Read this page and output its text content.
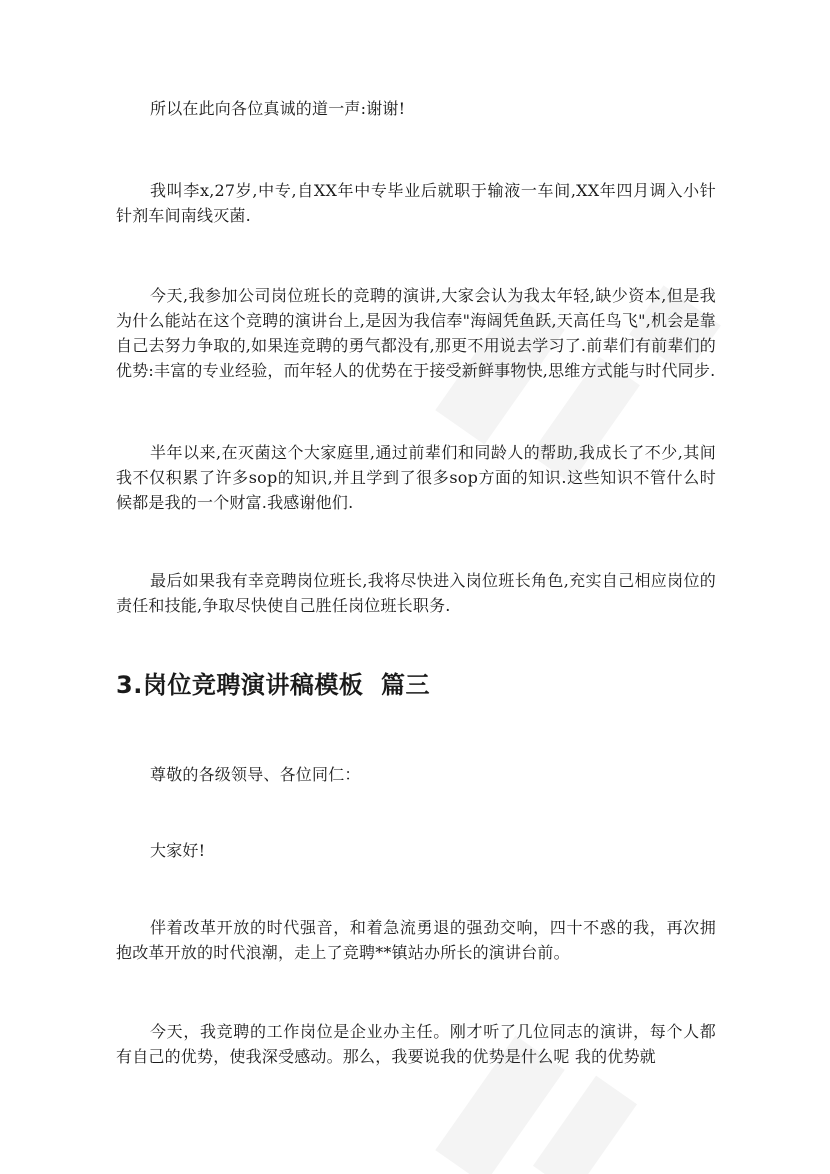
所以在此向各位真诚的道一声:谢谢!

我叫李x,27岁,中专,自XX年中专毕业后就职于输液一车间,XX年四月调入小针针剂车间南线灭菌.

今天,我参加公司岗位班长的竞聘的演讲,大家会认为我太年轻,缺少资本,但是我为什么能站在这个竞聘的演讲台上,是因为我信奉"海阔凭鱼跃,天高任鸟飞",机会是靠自己去努力争取的,如果连竞聘的勇气都没有,那更不用说去学习了.前辈们有前辈们的优势:丰富的专业经验，而年轻人的优势在于接受新鲜事物快,思维方式能与时代同步.

半年以来,在灭菌这个大家庭里,通过前辈们和同龄人的帮助,我成长了不少,其间我不仅积累了许多sop的知识,并且学到了很多sop方面的知识.这些知识不管什么时候都是我的一个财富.我感谢他们.

最后如果我有幸竞聘岗位班长,我将尽快进入岗位班长角色,充实自己相应岗位的责任和技能,争取尽快使自己胜任岗位班长职务.

3.岗位竞聘演讲稿模板  篇三

尊敬的各级领导、各位同仁：

大家好!

伴着改革开放的时代强音，和着急流勇退的强劲交响，四十不惑的我，再次拥抱改革开放的时代浪潮，走上了竞聘**镇站办所长的演讲台前。

今天，我竞聘的工作岗位是企业办主任。刚才听了几位同志的演讲，每个人都有自己的优势，使我深受感动。那么，我要说我的优势是什么呢 我的优势就
